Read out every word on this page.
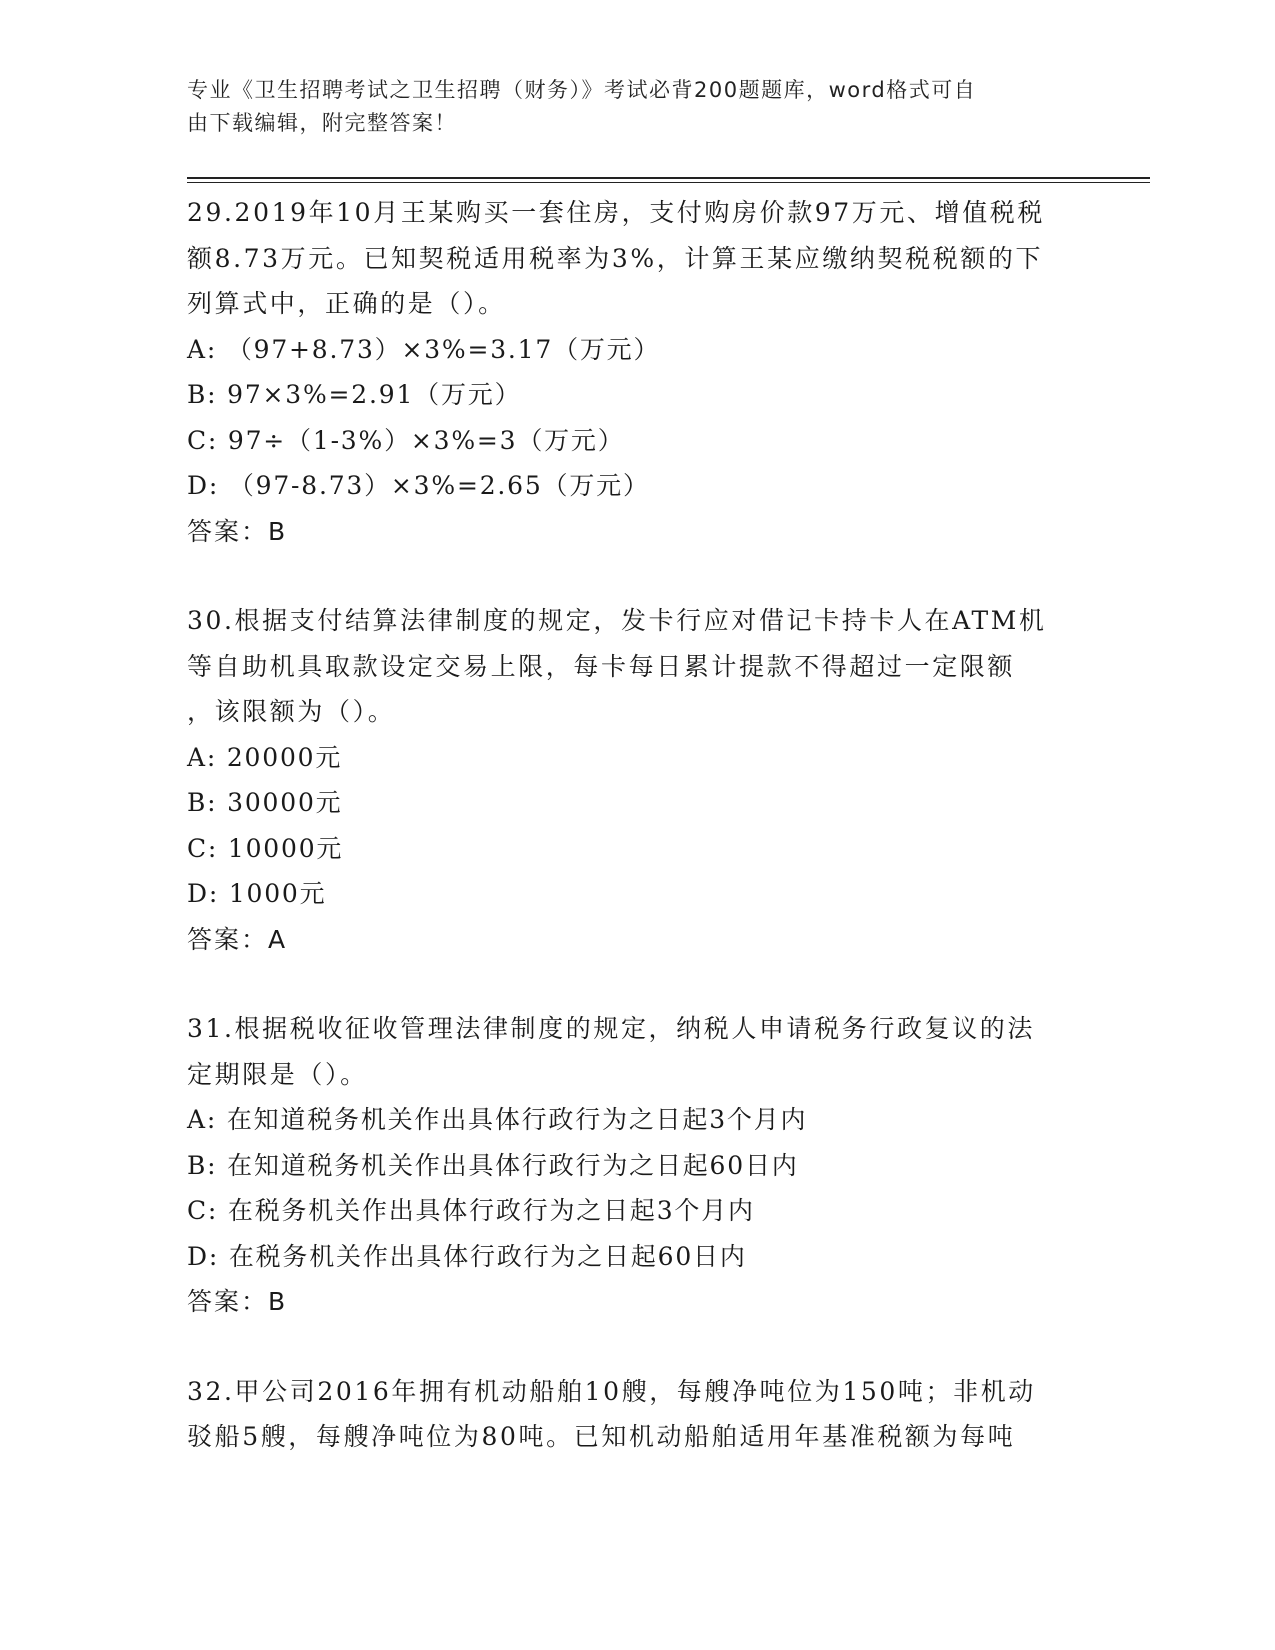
专业《卫生招聘考试之卫生招聘（财务）》考试必背200题题库，word格式可自
由下载编辑，附完整答案！

29.2019年10月王某购买一套住房，支付购房价款97万元、增值税税

额8.73万元。已知契税适用税率为3%，计算王某应缴纳契税税额的下

列算式中，正确的是（）。

A: （97+8.73）×3%=3.17（万元）

B: 97×3%=2.91（万元）

C: 97÷（1-3%）×3%=3（万元）

D: （97-8.73）×3%=2.65（万元）

答案：B

30.根据支付结算法律制度的规定，发卡行应对借记卡持卡人在ATM机

等自助机具取款设定交易上限，每卡每日累计提款不得超过一定限额

，该限额为（）。

A: 20000元

B: 30000元

C: 10000元

D: 1000元

答案：A

31.根据税收征收管理法律制度的规定，纳税人申请税务行政复议的法

定期限是（）。

A: 在知道税务机关作出具体行政行为之日起3个月内

B: 在知道税务机关作出具体行政行为之日起60日内

C: 在税务机关作出具体行政行为之日起3个月内

D: 在税务机关作出具体行政行为之日起60日内

答案：B

32.甲公司2016年拥有机动船舶10艘，每艘净吨位为150吨；非机动

驳船5艘，每艘净吨位为80吨。已知机动船舶适用年基准税额为每吨
